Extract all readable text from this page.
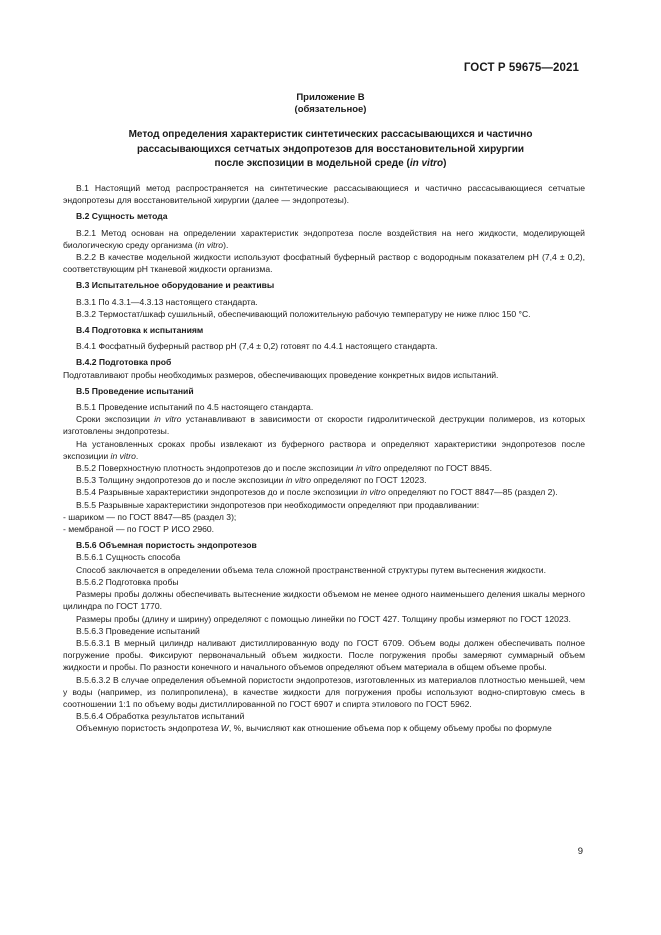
ГОСТ Р 59675—2021
Приложение В
(обязательное)
Метод определения характеристик синтетических рассасывающихся и частично
рассасывающихся сетчатых эндопротезов для восстановительной хирургии
после экспозиции в модельной среде (in vitro)

В.1 Настоящий метод распространяется на синтетические рассасывающиеся и частично рассасывающиеся сетчатые эндопротезы для восстановительной хирургии (далее — эндопротезы).

В.2 Сущность метода

В.2.1 Метод основан на определении характеристик эндопротеза после воздействия на него жидкости, моделирующей биологическую среду организма (in vitro).

В.2.2 В качестве модельной жидкости используют фосфатный буферный раствор с водородным показателем рН (7,4 ± 0,2), соответствующим рН тканевой жидкости организма.

В.3 Испытательное оборудование и реактивы

В.3.1 По 4.3.1—4.3.13 настоящего стандарта.

В.3.2 Термостат/шкаф сушильный, обеспечивающий положительную рабочую температуру не ниже плюс 150 °С.

В.4 Подготовка к испытаниям

В.4.1 Фосфатный буферный раствор рН (7,4 ± 0,2) готовят по 4.4.1 настоящего стандарта.

В.4.2 Подготовка проб

Подготавливают пробы необходимых размеров, обеспечивающих проведение конкретных видов испытаний.

В.5 Проведение испытаний

В.5.1 Проведение испытаний по 4.5 настоящего стандарта.

Сроки экспозиции in vitro устанавливают в зависимости от скорости гидролитической деструкции полимеров, из которых изготовлены эндопротезы.

На установленных сроках пробы извлекают из буферного раствора и определяют характеристики эндопротезов после экспозиции in vitro.

В.5.2 Поверхностную плотность эндопротезов до и после экспозиции in vitro определяют по ГОСТ 8845.

В.5.3 Толщину эндопротезов до и после экспозиции in vitro определяют по ГОСТ 12023.

В.5.4 Разрывные характеристики эндопротезов до и после экспозиции in vitro определяют по ГОСТ 8847—85 (раздел 2).

В.5.5 Разрывные характеристики эндопротезов при необходимости определяют при продавливании:

- шариком — по ГОСТ 8847—85 (раздел 3);

- мембраной — по ГОСТ Р ИСО 2960.

В.5.6 Объемная пористость эндопротезов

В.5.6.1 Сущность способа

Способ заключается в определении объема тела сложной пространственной структуры путем вытеснения жидкости.

В.5.6.2 Подготовка пробы

Размеры пробы должны обеспечивать вытеснение жидкости объемом не менее одного наименьшего деления шкалы мерного цилиндра по ГОСТ 1770.

Размеры пробы (длину и ширину) определяют с помощью линейки по ГОСТ 427. Толщину пробы измеряют по ГОСТ 12023.

В.5.6.3 Проведение испытаний

В.5.6.3.1 В мерный цилиндр наливают дистиллированную воду по ГОСТ 6709. Объем воды должен обеспечивать полное погружение пробы. Фиксируют первоначальный объем жидкости. После погружения пробы замеряют суммарный объем жидкости и пробы. По разности конечного и начального объемов определяют объем материала в общем объеме пробы.

В.5.6.3.2 В случае определения объемной пористости эндопротезов, изготовленных из материалов плотностью меньшей, чем у воды (например, из полипропилена), в качестве жидкости для погружения пробы используют водно-спиртовую смесь в соотношении 1:1 по объему воды дистиллированной по ГОСТ 6907 и спирта этилового по ГОСТ 5962.

В.5.6.4 Обработка результатов испытаний

Объемную пористость эндопротеза W, %, вычисляют как отношение объема пор к общему объему пробы по формуле

9
